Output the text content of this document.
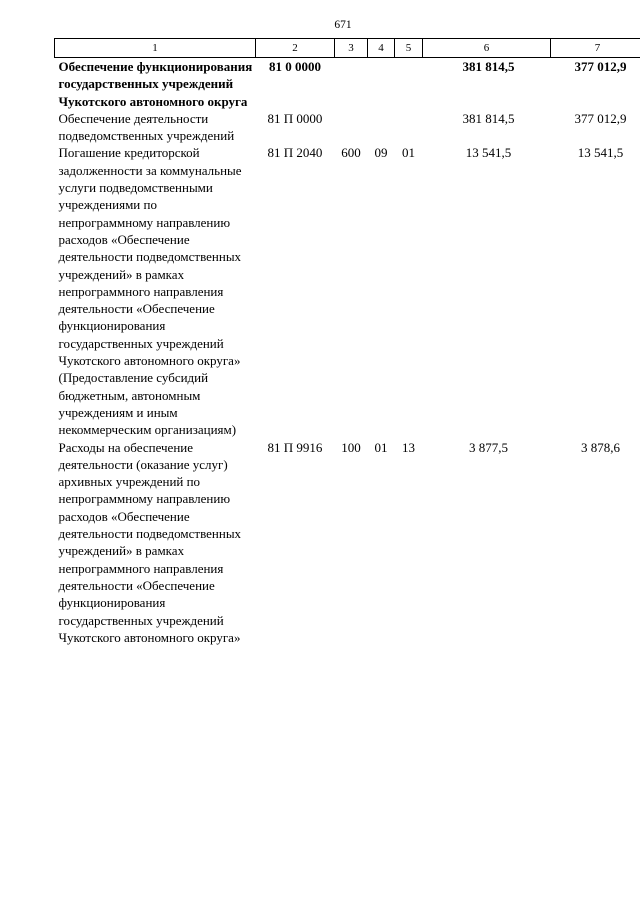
671
1	2	3	4	5	6	7
Обеспечение функционирования государственных учреждений Чукотского автономного округа	81 0 0000				381 814,5	377 012,9
Обеспечение деятельности подведомственных учреждений	81 П 0000				381 814,5	377 012,9
Погашение кредиторской задолженности за коммунальные услуги подведомственными учреждениями по непрограммному направлению расходов «Обеспечение деятельности подведомственных учреждений» в рамках непрограммного направления деятельности «Обеспечение функционирования государственных учреждений Чукотского автономного округа» (Предоставление субсидий бюджетным, автономным учреждениям и иным некоммерческим организациям)	81 П 2040	600	09	01	13 541,5	13 541,5
Расходы на обеспечение деятельности (оказание услуг) архивных учреждений по непрограммному направлению расходов «Обеспечение деятельности подведомственных учреждений» в рамках непрограммного направления деятельности «Обеспечение функционирования государственных учреждений Чукотского автономного округа»	81 П 9916	100	01	13	3 877,5	3 878,6
